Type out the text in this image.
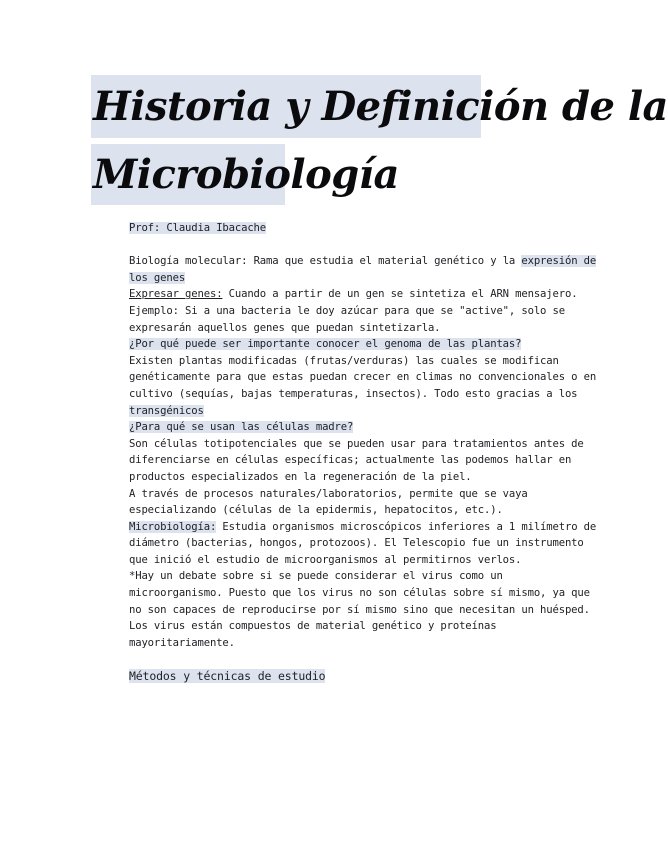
Historia y Definición de la
Microbiología
Prof: Claudia Ibacache
Biología molecular: Rama que estudia el material genético y la expresión de
los genes
Expresar genes: Cuando a partir de un gen se sintetiza el ARN mensajero.
Ejemplo: Si a una bacteria le doy azúcar para que se "active", solo se
expresarán aquellos genes que puedan sintetizarla.
¿Por qué puede ser importante conocer el genoma de las plantas?
Existen plantas modificadas (frutas/verduras) las cuales se modifican
genéticamente para que estas puedan crecer en climas no convencionales o en
cultivo (sequías, bajas temperaturas, insectos). Todo esto gracias a los
transgénicos
¿Para qué se usan las células madre?
Son células totipotenciales que se pueden usar para tratamientos antes de
diferenciarse en células específicas; actualmente las podemos hallar en
productos especializados en la regeneración de la piel.
A través de procesos naturales/laboratorios, permite que se vaya
especializando (células de la epidermis, hepatocitos, etc.).
Microbiología: Estudia organismos microscópicos inferiores a 1 milímetro de
diámetro (bacterias, hongos, protozoos). El Telescopio fue un instrumento
que inició el estudio de microorganismos al permitirnos verlos.
*Hay un debate sobre si se puede considerar el virus como un
microorganismo. Puesto que los virus no son células sobre sí mismo, ya que
no son capaces de reproducirse por sí mismo sino que necesitan un huésped.
Los virus están compuestos de material genético y proteínas
mayoritariamente.
Métodos y técnicas de estudio
